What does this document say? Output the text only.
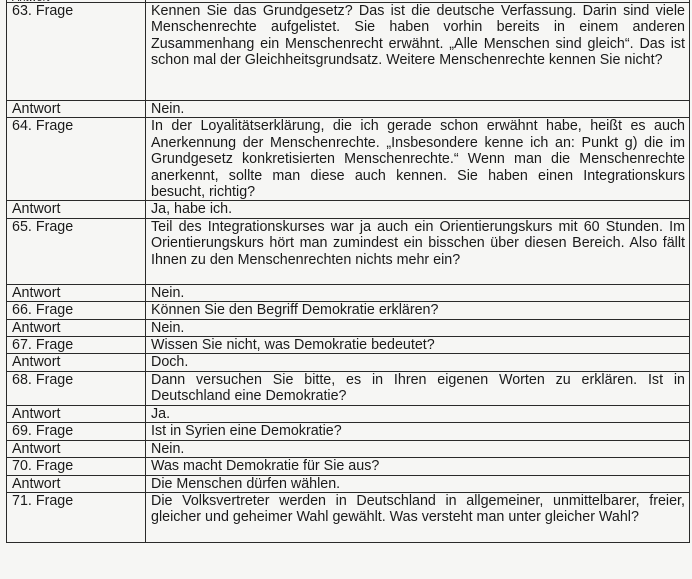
63. Frage	Kennen Sie das Grundgesetz? Das ist die deutsche Verfassung. Darin sind viele Menschenrechte aufgelistet. Sie haben vorhin bereits in einem anderen Zusammenhang ein Menschenrecht erwähnt. „Alle Menschen sind gleich“. Das ist schon mal der Gleichheitsgrundsatz. Weitere Menschenrechte kennen Sie nicht?
Antwort	Nein.
64. Frage	In der Loyalitätserklärung, die ich gerade schon erwähnt habe, heißt es auch Anerkennung der Menschenrechte. „Insbesondere kenne ich an: Punkt g) die im Grundgesetz konkretisierten Menschenrechte.“ Wenn man die Menschenrechte anerkennt, sollte man diese auch kennen. Sie haben einen Integrationskurs besucht, richtig?
Antwort	Ja, habe ich.
65. Frage	Teil des Integrationskurses war ja auch ein Orientierungskurs mit 60 Stunden. Im Orientierungskurs hört man zumindest ein bisschen über diesen Bereich. Also fällt Ihnen zu den Menschenrechten nichts mehr ein?
Antwort	Nein.
66. Frage	Können Sie den Begriff Demokratie erklären?
Antwort	Nein.
67. Frage	Wissen Sie nicht, was Demokratie bedeutet?
Antwort	Doch.
68. Frage	Dann versuchen Sie bitte, es in Ihren eigenen Worten zu erklären. Ist in Deutschland eine Demokratie?
Antwort	Ja.
69. Frage	Ist in Syrien eine Demokratie?
Antwort	Nein.
70. Frage	Was macht Demokratie für Sie aus?
Antwort	Die Menschen dürfen wählen.
71. Frage	Die Volksvertreter werden in Deutschland in allgemeiner, unmittelbarer, freier, gleicher und geheimer Wahl gewählt. Was versteht man unter gleicher Wahl?
